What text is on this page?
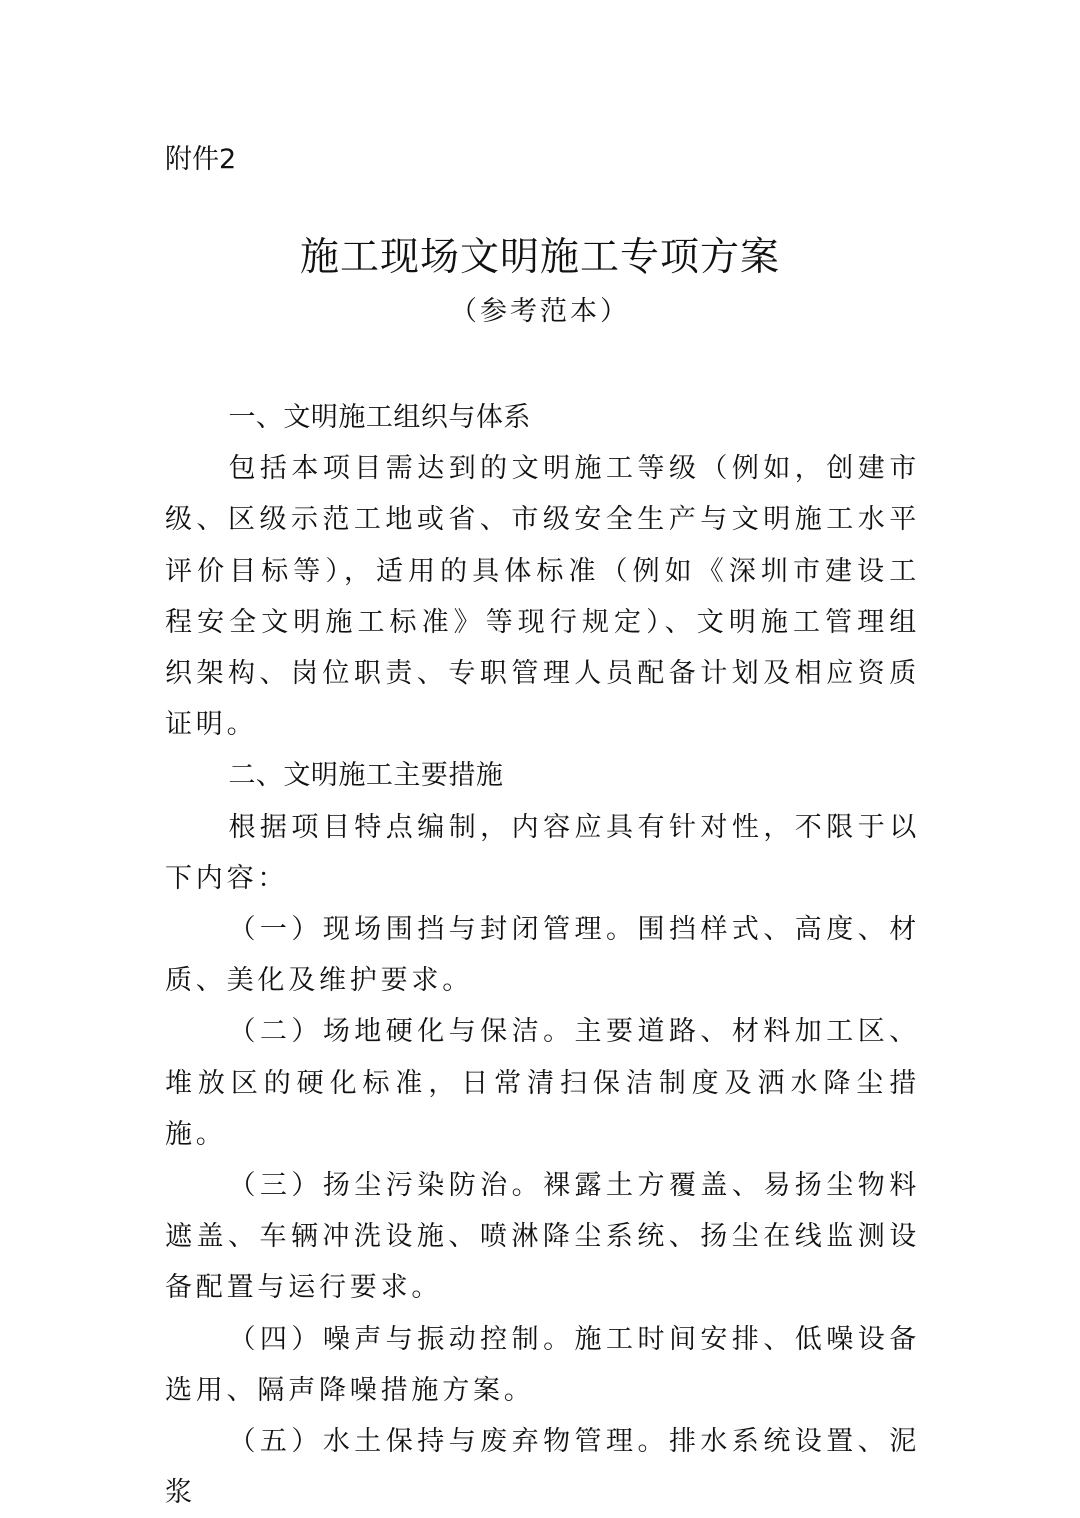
附件2
施工现场文明施工专项方案
（参考范本）

一、文明施工组织与体系

包括本项目需达到的文明施工等级（例如，创建市级、区级示范工地或省、市级安全生产与文明施工水平评价目标等），适用的具体标准（例如《深圳市建设工程安全文明施工标准》等现行规定）、文明施工管理组织架构、岗位职责、专职管理人员配备计划及相应资质证明。

二、文明施工主要措施

根据项目特点编制，内容应具有针对性，不限于以下内容：

（一）现场围挡与封闭管理。围挡样式、高度、材质、美化及维护要求。

（二）场地硬化与保洁。主要道路、材料加工区、堆放区的硬化标准，日常清扫保洁制度及洒水降尘措施。

（三）扬尘污染防治。裸露土方覆盖、易扬尘物料遮盖、车辆冲洗设施、喷淋降尘系统、扬尘在线监测设备配置与运行要求。

（四）噪声与振动控制。施工时间安排、低噪设备选用、隔声降噪措施方案。

（五）水土保持与废弃物管理。排水系统设置、泥浆
